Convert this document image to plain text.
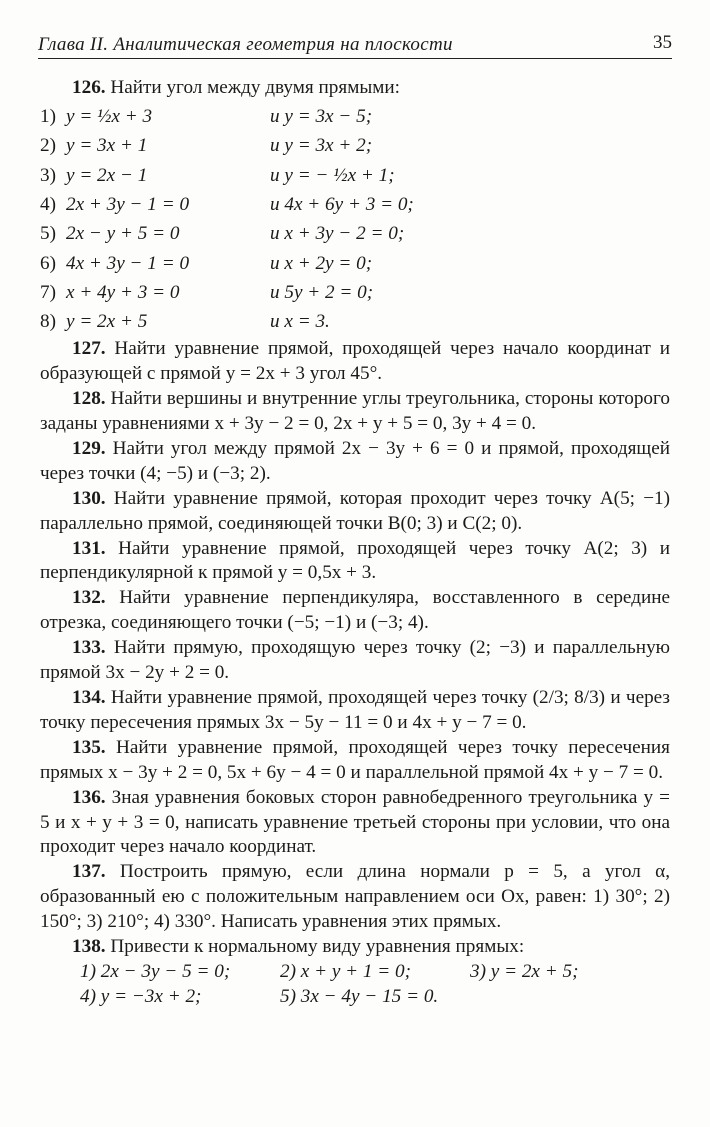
Глава II. Аналитическая геометрия на плоскости	35

126. Найти угол между двумя прямыми:

1) y = ½x + 3	и y = 3x − 5;
2) y = 3x + 1	и y = 3x + 2;
3) y = 2x − 1	и y = − ½x + 1;
4) 2x + 3y − 1 = 0	и 4x + 6y + 3 = 0;
5) 2x − y + 5 = 0	и x + 3y − 2 = 0;
6) 4x + 3y − 1 = 0	и x + 2y = 0;
7) x + 4y + 3 = 0	и 5y + 2 = 0;
8) y = 2x + 5	и x = 3.

127. Найти уравнение прямой, проходящей через начало координат и образующей с прямой y = 2x + 3 угол 45°.

128. Найти вершины и внутренние углы треугольника, стороны которого заданы уравнениями x + 3y − 2 = 0, 2x + y + 5 = 0, 3y + 4 = 0.

129. Найти угол между прямой 2x − 3y + 6 = 0 и прямой, проходящей через точки (4; −5) и (−3; 2).

130. Найти уравнение прямой, которая проходит через точку A(5; −1) параллельно прямой, соединяющей точки B(0; 3) и C(2; 0).

131. Найти уравнение прямой, проходящей через точку A(2; 3) и перпендикулярной к прямой y = 0,5x + 3.

132. Найти уравнение перпендикуляра, восставленного в середине отрезка, соединяющего точки (−5; −1) и (−3; 4).

133. Найти прямую, проходящую через точку (2; −3) и параллельную прямой 3x − 2y + 2 = 0.

134. Найти уравнение прямой, проходящей через точку (2/3; 8/3) и через точку пересечения прямых 3x − 5y − 11 = 0 и 4x + y − 7 = 0.

135. Найти уравнение прямой, проходящей через точку пересечения прямых x − 3y + 2 = 0, 5x + 6y − 4 = 0 и параллельной прямой 4x + y − 7 = 0.

136. Зная уравнения боковых сторон равнобедренного треугольника y = 5 и x + y + 3 = 0, написать уравнение третьей стороны при условии, что она проходит через начало координат.

137. Построить прямую, если длина нормали p = 5, а угол α, образованный ею с положительным направлением оси Ox, равен: 1) 30°; 2) 150°; 3) 210°; 4) 330°. Написать уравнения этих прямых.

138. Привести к нормальному виду уравнения прямых:

1) 2x − 3y − 5 = 0;	2) x + y + 1 = 0;	3) y = 2x + 5;
4) y = −3x + 2;	5) 3x − 4y − 15 = 0.
